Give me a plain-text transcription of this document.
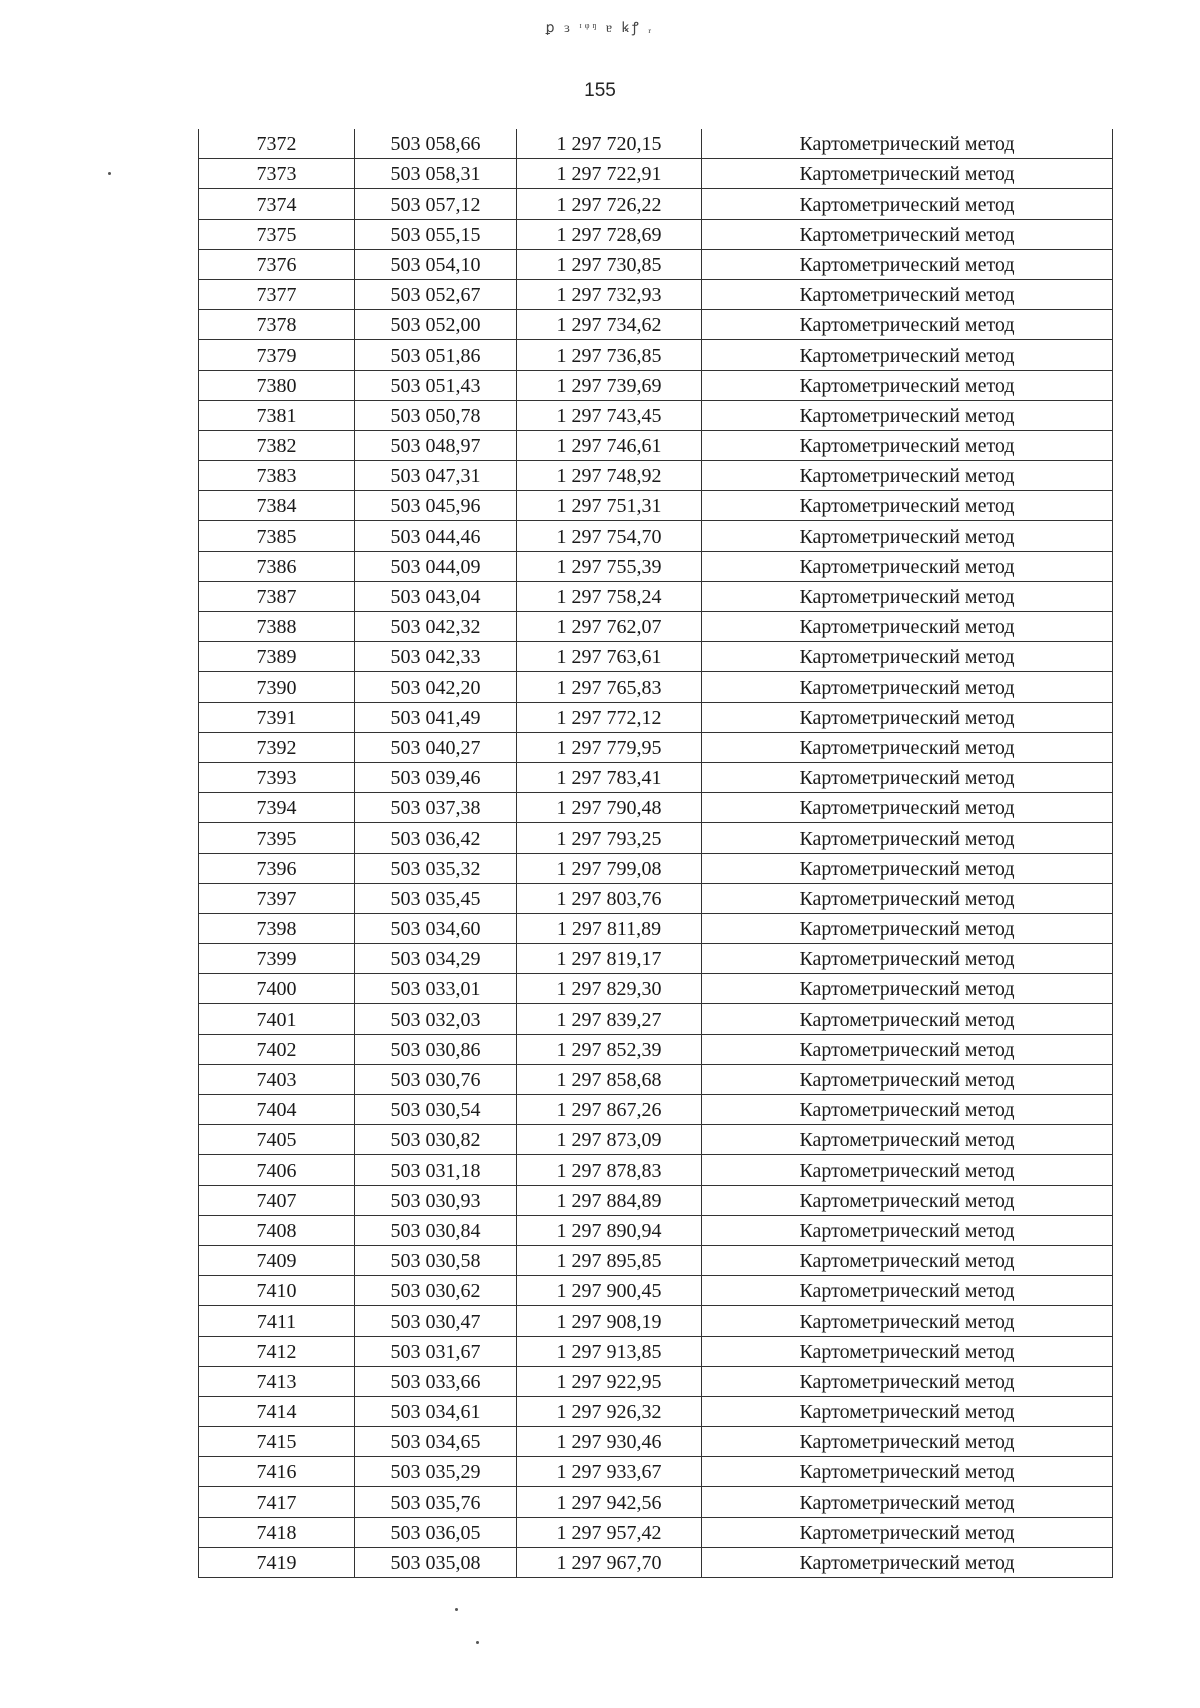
ꝑ ɜ ᶦᵠᵑ ɐ ꝃꝭ ᵣ
155
7372	503 058,66	1 297 720,15	Картометрический метод
7373	503 058,31	1 297 722,91	Картометрический метод
7374	503 057,12	1 297 726,22	Картометрический метод
7375	503 055,15	1 297 728,69	Картометрический метод
7376	503 054,10	1 297 730,85	Картометрический метод
7377	503 052,67	1 297 732,93	Картометрический метод
7378	503 052,00	1 297 734,62	Картометрический метод
7379	503 051,86	1 297 736,85	Картометрический метод
7380	503 051,43	1 297 739,69	Картометрический метод
7381	503 050,78	1 297 743,45	Картометрический метод
7382	503 048,97	1 297 746,61	Картометрический метод
7383	503 047,31	1 297 748,92	Картометрический метод
7384	503 045,96	1 297 751,31	Картометрический метод
7385	503 044,46	1 297 754,70	Картометрический метод
7386	503 044,09	1 297 755,39	Картометрический метод
7387	503 043,04	1 297 758,24	Картометрический метод
7388	503 042,32	1 297 762,07	Картометрический метод
7389	503 042,33	1 297 763,61	Картометрический метод
7390	503 042,20	1 297 765,83	Картометрический метод
7391	503 041,49	1 297 772,12	Картометрический метод
7392	503 040,27	1 297 779,95	Картометрический метод
7393	503 039,46	1 297 783,41	Картометрический метод
7394	503 037,38	1 297 790,48	Картометрический метод
7395	503 036,42	1 297 793,25	Картометрический метод
7396	503 035,32	1 297 799,08	Картометрический метод
7397	503 035,45	1 297 803,76	Картометрический метод
7398	503 034,60	1 297 811,89	Картометрический метод
7399	503 034,29	1 297 819,17	Картометрический метод
7400	503 033,01	1 297 829,30	Картометрический метод
7401	503 032,03	1 297 839,27	Картометрический метод
7402	503 030,86	1 297 852,39	Картометрический метод
7403	503 030,76	1 297 858,68	Картометрический метод
7404	503 030,54	1 297 867,26	Картометрический метод
7405	503 030,82	1 297 873,09	Картометрический метод
7406	503 031,18	1 297 878,83	Картометрический метод
7407	503 030,93	1 297 884,89	Картометрический метод
7408	503 030,84	1 297 890,94	Картометрический метод
7409	503 030,58	1 297 895,85	Картометрический метод
7410	503 030,62	1 297 900,45	Картометрический метод
7411	503 030,47	1 297 908,19	Картометрический метод
7412	503 031,67	1 297 913,85	Картометрический метод
7413	503 033,66	1 297 922,95	Картометрический метод
7414	503 034,61	1 297 926,32	Картометрический метод
7415	503 034,65	1 297 930,46	Картометрический метод
7416	503 035,29	1 297 933,67	Картометрический метод
7417	503 035,76	1 297 942,56	Картометрический метод
7418	503 036,05	1 297 957,42	Картометрический метод
7419	503 035,08	1 297 967,70	Картометрический метод
